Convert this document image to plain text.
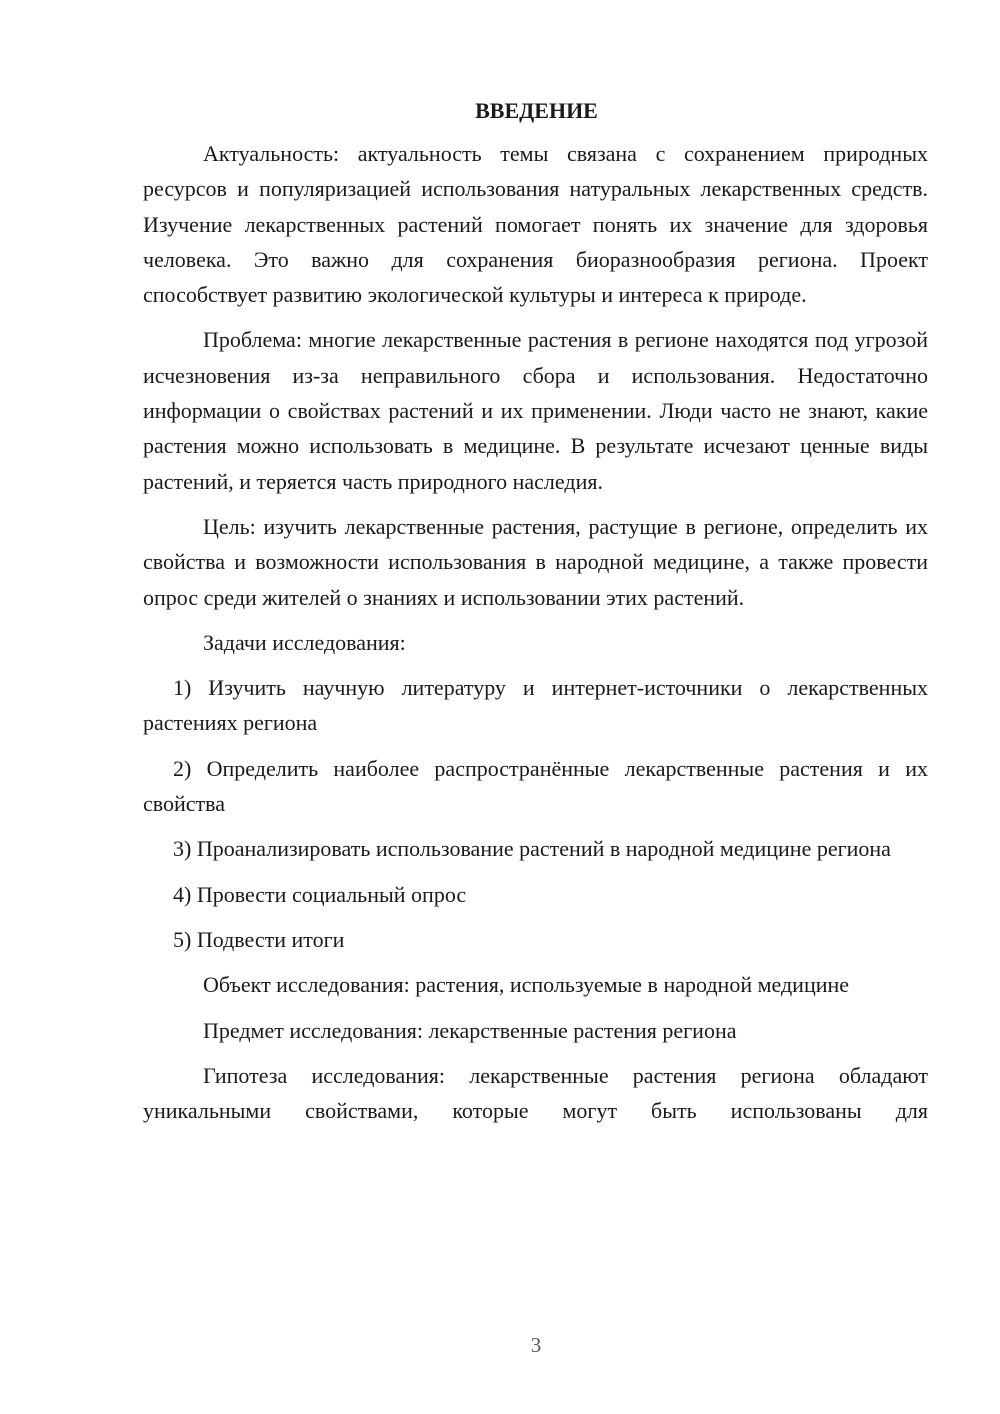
ВВЕДЕНИЕ

Актуальность: актуальность темы связана с сохранением природных ресурсов и популяризацией использования натуральных лекарственных средств. Изучение лекарственных растений помогает понять их значение для здоровья человека. Это важно для сохранения биоразнообразия региона. Проект способствует развитию экологической культуры и интереса к природе.

Проблема: многие лекарственные растения в регионе находятся под угрозой исчезновения из-за неправильного сбора и использования. Недостаточно информации о свойствах растений и их применении. Люди часто не знают, какие растения можно использовать в медицине. В результате исчезают ценные виды растений, и теряется часть природного наследия.

Цель: изучить лекарственные растения, растущие в регионе, определить их свойства и возможности использования в народной медицине, а также провести опрос среди жителей о знаниях и использовании этих растений.

Задачи исследования:

1) Изучить научную литературу и интернет-источники о лекарственных растениях региона

2) Определить наиболее распространённые лекарственные растения и их свойства

3) Проанализировать использование растений в народной медицине региона

4) Провести социальный опрос

5) Подвести итоги

Объект исследования: растения, используемые в народной медицине

Предмет исследования: лекарственные растения региона

Гипотеза исследования: лекарственные растения региона обладают уникальными свойствами, которые могут быть использованы для

3
